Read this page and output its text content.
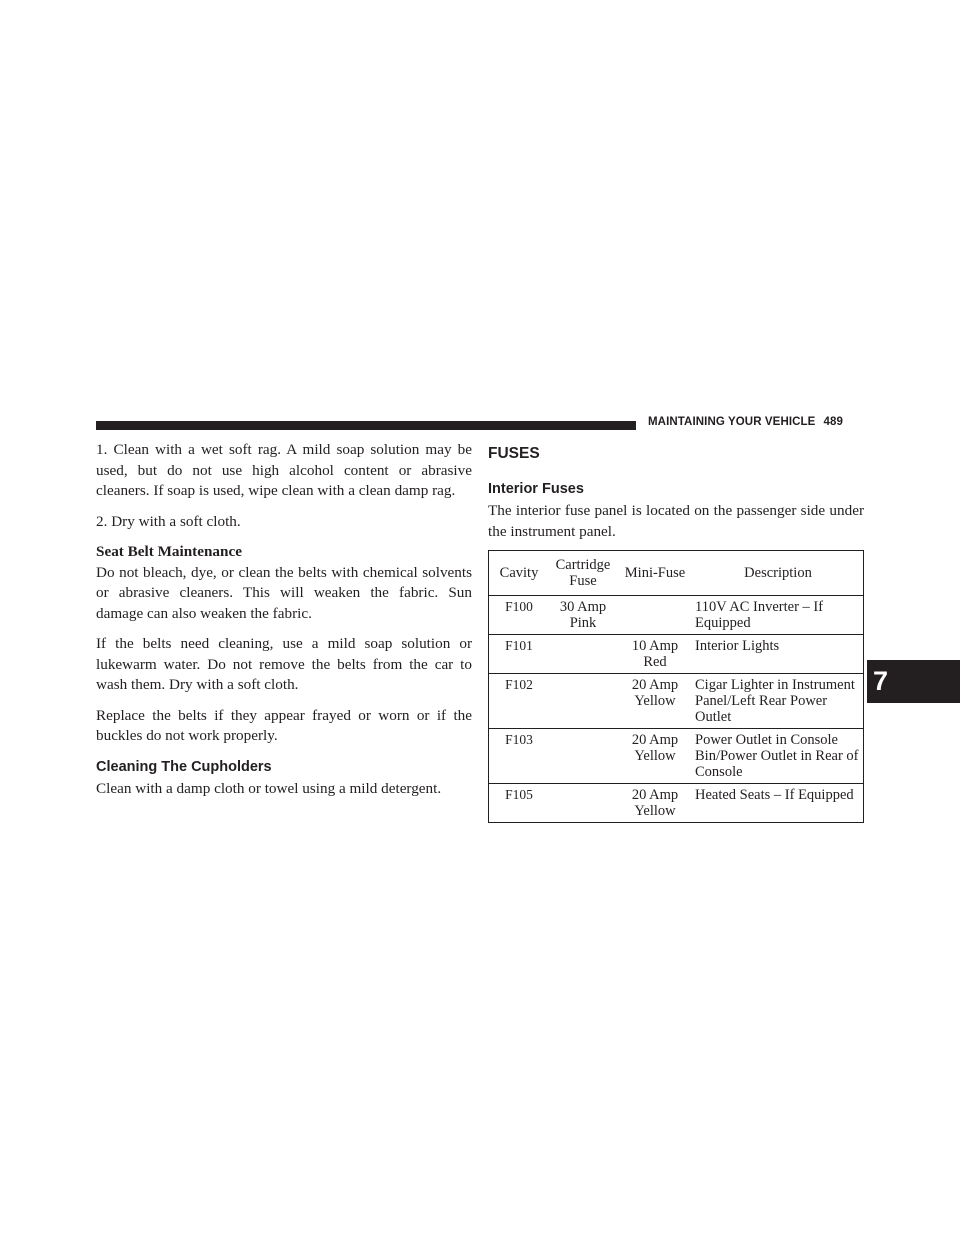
MAINTAINING YOUR VEHICLE 489
7

1. Clean with a wet soft rag. A mild soap solution may be used, but do not use high alcohol content or abrasive cleaners. If soap is used, wipe clean with a clean damp rag.

2. Dry with a soft cloth.

Seat Belt Maintenance

Do not bleach, dye, or clean the belts with chemical solvents or abrasive cleaners. This will weaken the fabric. Sun damage can also weaken the fabric.

If the belts need cleaning, use a mild soap solution or lukewarm water. Do not remove the belts from the car to wash them. Dry with a soft cloth.

Replace the belts if they appear frayed or worn or if the buckles do not work properly.

Cleaning The Cupholders

Clean with a damp cloth or towel using a mild detergent.

FUSES
Interior Fuses

The interior fuse panel is located on the passenger side under the instrument panel.

Cavity	Cartridge Fuse	Mini-Fuse	Description
F100	30 Amp Pink		110V AC Inverter – If Equipped
F101		10 Amp Red	Interior Lights
F102		20 Amp Yellow	Cigar Lighter in Instrument Panel/Left Rear Power Outlet
F103		20 Amp Yellow	Power Outlet in Console Bin/Power Outlet in Rear of Console
F105		20 Amp Yellow	Heated Seats – If Equipped
